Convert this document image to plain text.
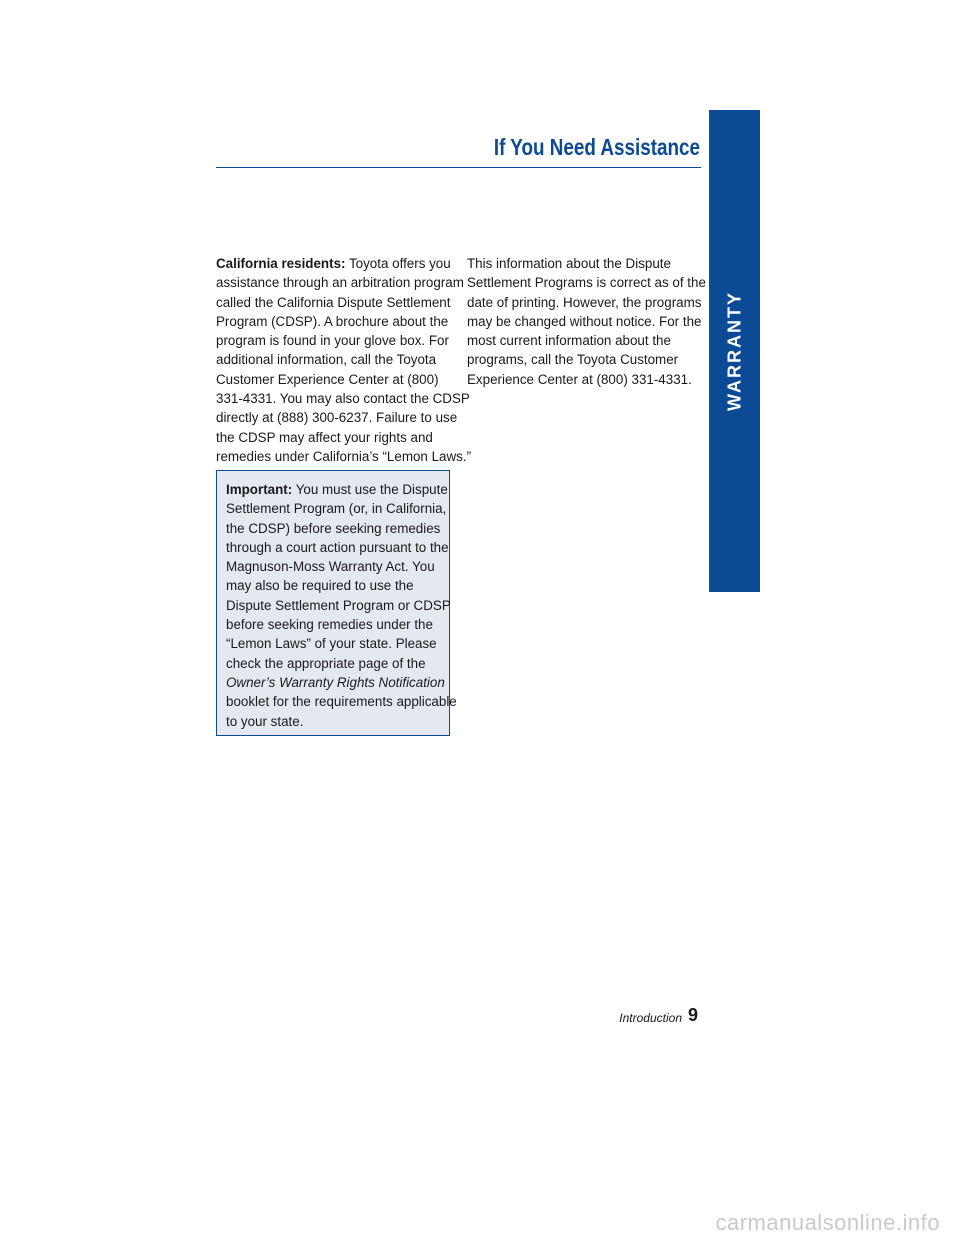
WARRANTY
If You Need Assistance
California residents: Toyota offers you
assistance through an arbitration program
called the California Dispute Settlement
Program (CDSP). A brochure about the
program is found in your glove box. For
additional information, call the Toyota
Customer Experience Center at (800)
331-4331. You may also contact the CDSP
directly at (888) 300-6237. Failure to use
the CDSP may affect your rights and
remedies under California’s “Lemon Laws.”
Important: You must use the Dispute
Settlement Program (or, in California,
the CDSP) before seeking remedies
through a court action pursuant to the
Magnuson-Moss Warranty Act. You
may also be required to use the
Dispute Settlement Program or CDSP
before seeking remedies under the
“Lemon Laws” of your state. Please
check the appropriate page of the
Owner’s Warranty Rights Notification
booklet for the requirements applicable
to your state.
This information about the Dispute
Settlement Programs is correct as of the
date of printing. However, the programs
may be changed without notice. For the
most current information about the
programs, call the Toyota Customer
Experience Center at (800) 331-4331.
Introduction 9
carmanualsonline.info
